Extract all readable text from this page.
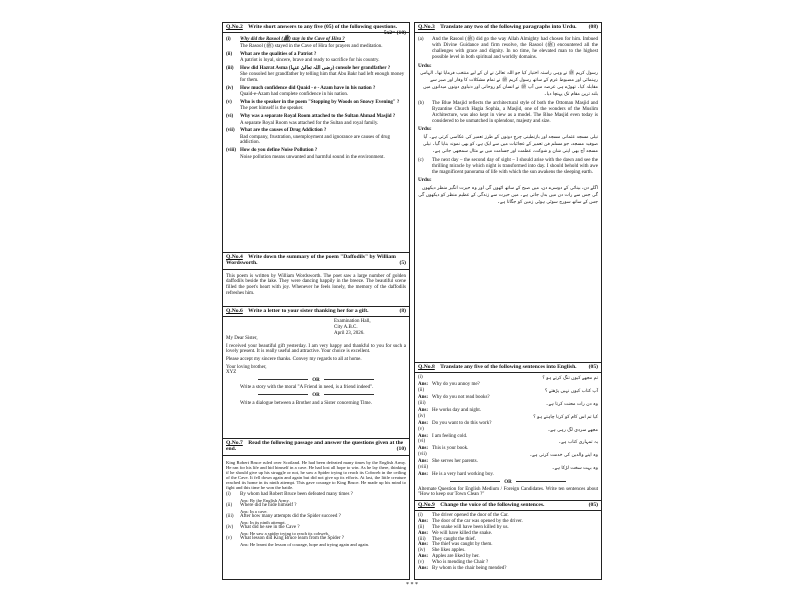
Q.No.2 Write short answers to any five (05) of the following questions.
5x2= (10)
(i)	Why did the Rasool (ﷺ) stay in the Cave of Hira ?
The Rasool (ﷺ) stayed in the Cave of Hira for prayers and meditation.
(ii)	What are the qualities of a Patriot ?
A patriot is loyal, sincere, brave and ready to sacrifice for his country.
(iii)	How did Hazrat Asma (رضی اللہ تعالیٰ عنہا) console her grandfather ?
She consoled her grandfather by telling him that Abu Bakr had left enough money for them.
(iv)	How much confidence did Quaid - e - Azam have in his nation ?
Quaid-e-Azam had complete confidence in his nation.
(v)	Who is the speaker in the poem "Stopping by Woods on Snowy Evening" ?
The poet himself is the speaker.
(vi)	Why was a separate Royal Room attached to the Sultan Ahmad Masjid ?
A separate Royal Room was attached for the Sultan and royal family.
(vii)	What are the causes of Drug Addiction ?
Bad company, frustration, unemployment and ignorance are causes of drug addiction.
(viii) How do you define Noise Pollution ?
Noise pollution means unwanted and harmful sound in the environment.
Q.No.4 Write down the summary of the poem "Daffodils" by William Wordsworth.	(5)
This poem is written by William Wordsworth. The poet saw a large number of golden daffodils beside the lake. They were dancing happily in the breeze. The beautiful scene filled the poet's heart with joy. Whenever he feels lonely, the memory of the daffodils refreshes him.
Q.No.6 Write a letter to your sister thanking her for a gift.	(8)
Examination Hall,
City A.B.C.
April 23, 2026.
My Dear Sister,
I received your beautiful gift yesterday. I am very happy and thankful to you for such a lovely present. It is really useful and attractive. Your choice is excellent.
Please accept my sincere thanks. Convey my regards to all at home.
Your loving brother,
XYZ
OR
Write a story with the moral "A Friend in need, is a friend indeed".
OR
Write a dialogue between a Brother and a Sister concerning Time.
Q.No.7 Read the following passage and answer the questions given at the end.	(10)
King Robert Bruce ruled over Scotland. He had been defeated many times by the English Army. He ran for his life and hid himself in a cave. He had lost all hope to win. As he lay there, thinking if he should give up his struggle or not, he saw a Spider trying to reach its Cobweb in the ceiling of the Cave. It fell down again and again but did not give up its efforts. At last, the little creature reached its home in its ninth attempt. This gave courage to King Bruce. He made up his mind to fight and this time he won the battle.
(i)	By whom had Robert Bruce been defeated many times ?
Ans: By the English Army.
(ii)	Where did he hide himself ?
Ans: In a cave.
(iii)	After how many attempts did the Spider succeed ?
Ans: In its ninth attempt.
(iv)	What did he see in the Cave ?
Ans: He saw a spider trying to reach its cobweb.
(v)	What lesson did King Bruce learn from the Spider ?
Ans: He learnt the lesson of courage, hope and trying again and again.
Q.No.3 Translate any two of the following paragraphs into Urdu. (08)
(a)	And the Rasool (ﷺ) did go the way Allah Almighty had chosen for him. Imbued with Divine Guidance and firm resolve, the Rasool (ﷺ) encountered all the challenges with grace and dignity. In no time, he elevated man to the highest possible level in both spiritual and worldly domains.
Urdu:
رسول کریم ﷺ نے وہی راستہ اختیار کیا جو اللہ تعالیٰ نے ان کے لیے منتخب فرمایا تھا۔ الہامی رہنمائی اور مضبوط عزم کے ساتھ رسول کریم ﷺ نے تمام مشکلات کا وقار اور صبر سے مقابلہ کیا۔ تھوڑے ہی عرصہ میں آپ ﷺ نے انسان کو روحانی اور دنیاوی دونوں میدانوں میں بلند ترین مقام تک پہنچا دیا۔
(b)	The Blue Masjid reflects the architectural style of both the Ottoman Masjid and Byzantine Church Hagia Sophia, a Masjid, one of the wonders of the Muslim Architecture, was also kept in view as a model. The Blue Masjid even today is considered to be unmatched in splendour, majesty and size.
Urdu:
نیلی مسجد عثمانی مسجد اور بازنطینی چرچ دونوں کے طرز تعمیر کی عکاسی کرتی ہے۔ آیا صوفیہ مسجد، جو مسلم فن تعمیر کے عجائبات میں سے ایک ہے، کو بھی نمونہ بنایا گیا۔ نیلی مسجد آج بھی اپنی شان و شوکت، عظمت اور جسامت میں بے مثال سمجھی جاتی ہے۔
(c)	The next day – the second day of sight – I should arise with the dawn and see the thrilling miracle by which night is transformed into day. I should behold with awe the magnificent panorama of life with which the sun awakens the sleeping earth.
Urdu:
اگلے دن، بینائی کے دوسرے دن، میں صبح کے ساتھ اٹھوں گی اور وہ حیرت انگیز منظر دیکھوں گی جس سے رات دن میں بدل جاتی ہے۔ میں حیرت سے زندگی کے عظیم منظر کو دیکھوں گی جس کے ساتھ سورج سوئی ہوئی زمین کو جگاتا ہے۔
Q.No.8 Translate any five of the following sentences into English. (05)
(i)	تم مجھے کیوں تنگ کرتے ہو ؟
Ans: Why do you annoy me?
(ii)	آپ کتاب کیوں نہیں پڑھتے ؟
Ans: Why do you not read books?
(iii)	وہ دن رات محنت کرتا ہے۔
Ans: He works day and night.
(iv)	کیا تم اس کام کو کرنا چاہتے ہو ؟
Ans: Do you want to do this work?
(v)	مجھے سردی لگ رہی ہے۔
Ans: I am feeling cold.
(vi)	یہ تمہاری کتاب ہے۔
Ans: This is your book.
(vii)	وہ اپنے والدین کی خدمت کرتی ہے۔
Ans: She serves her parents.
(viii)	وہ بہت سخت لڑکا ہے۔
Ans: He is a very hard working boy.
OR
Alternate Question for English Medium / Foreign Candidates. Write ten sentences about "How to keep our Town Clean ?"
Q.No.9 Change the voice of the following sentences.	(05)
(i)	The driver opened the door of the Car.
Ans: The door of the car was opened by the driver.
(ii)	The snake will have been killed by us.
Ans: We will have killed the snake.
(iii)	They caught the thief.
Ans: The thief was caught by them.
(iv)	She likes apples.
Ans: Apples are liked by her.
(v)	Who is mending the Chair ?
Ans: By whom is the chair being mended?
* * *
